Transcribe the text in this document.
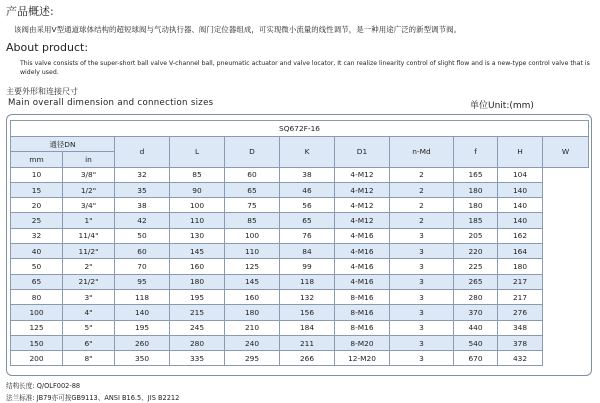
产品概述:
该阀由采用V型通道球体结构的超短球阀与气动执行器、阀门定位器组成，可实现微小流量的线性调节，是一种用途广泛的新型调节阀。
About product:
This valve consists of the super-short ball valve V-channel ball, pneumatic actuator and valve locator, It can realize linearity control of slight flow and is a new-type control valve that is widely used.
主要外形和连接尺寸
Main overall dimension and connection sizes	单位Unit:(mm)
SQ672F-16										
通径DN		d	L	D	K	D1	n-Md	f	H	W
mm	in									
10	3/8"	32	85	60	38	4-M12	2	165	104	
15	1/2"	35	90	65	46	4-M12	2	180	140	
20	3/4"	38	100	75	56	4-M12	2	180	140	
25	1"	42	110	85	65	4-M12	2	185	140	
32	11/4"	50	130	100	76	4-M16	3	205	162	
40	11/2"	60	145	110	84	4-M16	3	220	164	
50	2"	70	160	125	99	4-M16	3	225	180	
65	21/2"	95	180	145	118	4-M16	3	265	217	
80	3"	118	195	160	132	8-M16	3	280	217	
100	4"	140	215	180	156	8-M16	3	370	276	
125	5"	195	245	210	184	8-M16	3	440	348	
150	6"	260	280	240	211	8-M20	3	540	378	
200	8"	350	335	295	266	12-M20	3	670	432	
结构长度: Q/OLF002-88
法兰标准: JB79亦可按GB9113、ANSI B16.5、JIS B2212
